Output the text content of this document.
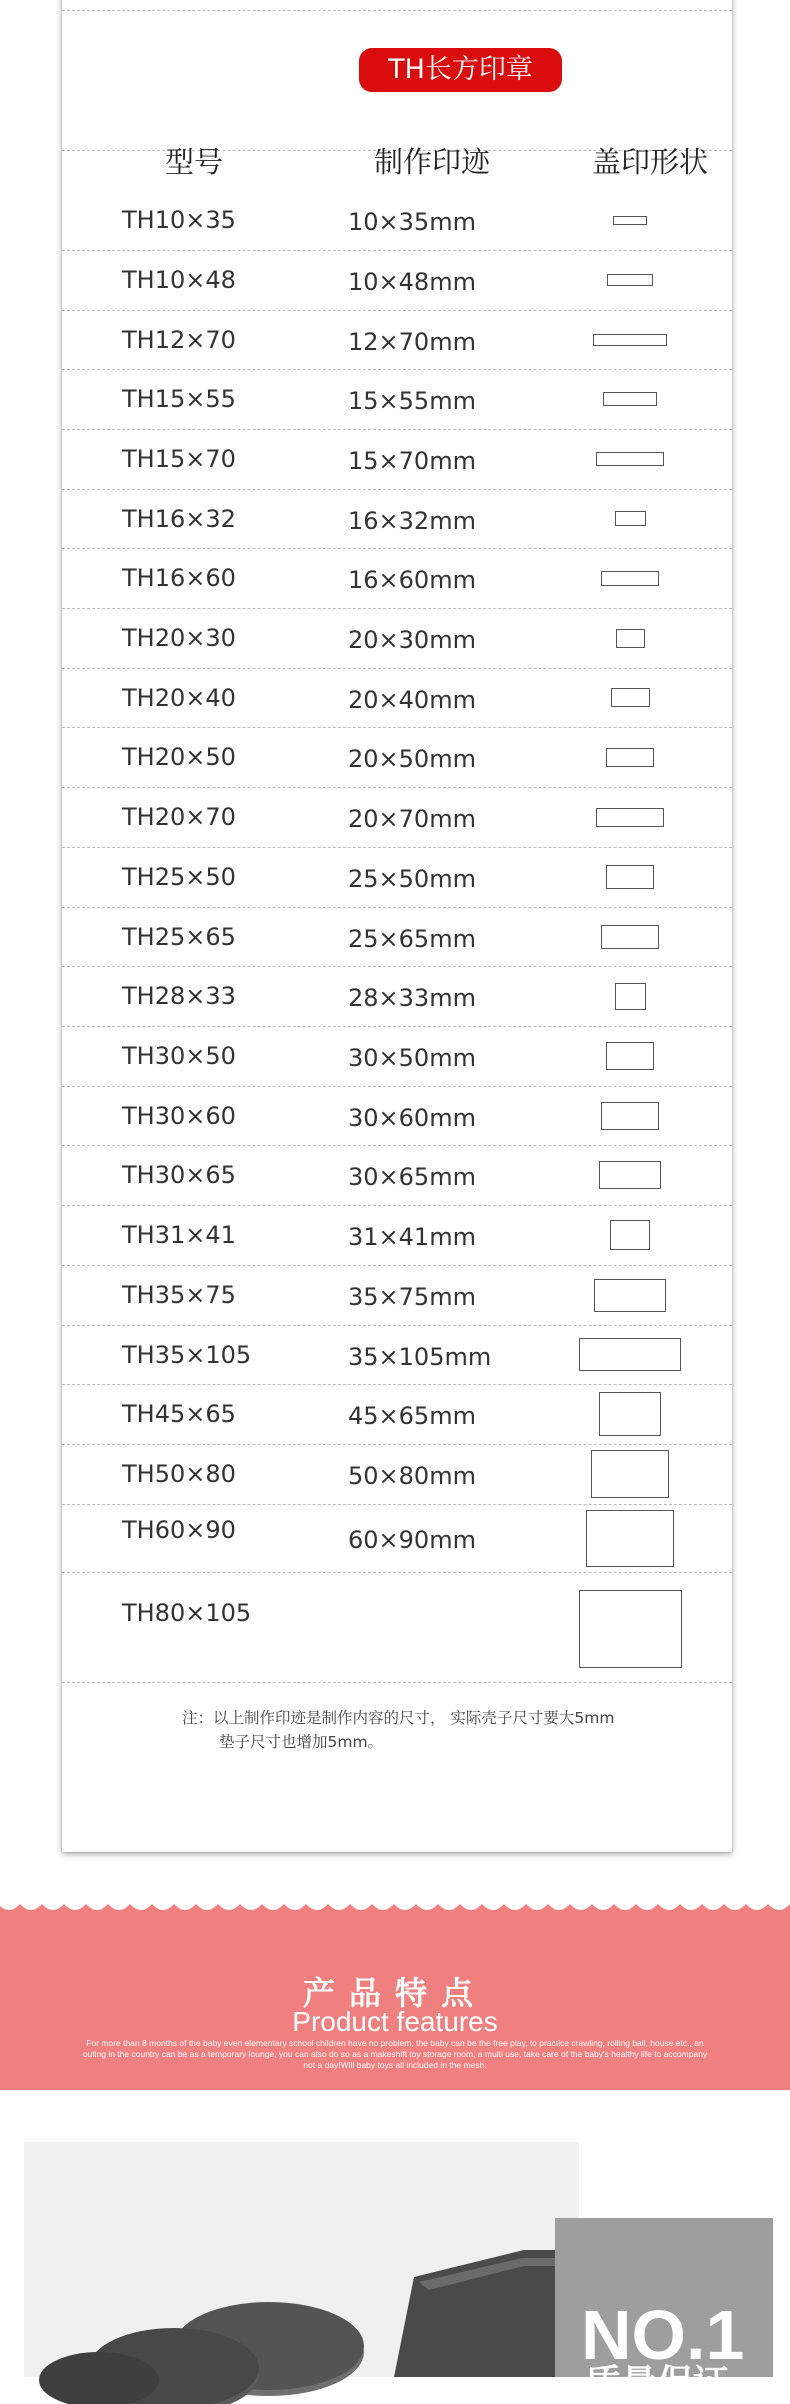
TH长方印章
型号	制作印迹	盖印形状
TH10×35	10×35mm
TH10×48	10×48mm
TH12×70	12×70mm
TH15×55	15×55mm
TH15×70	15×70mm
TH16×32	16×32mm
TH16×60	16×60mm
TH20×30	20×30mm
TH20×40	20×40mm
TH20×50	20×50mm
TH20×70	20×70mm
TH25×50	25×50mm
TH25×65	25×65mm
TH28×33	28×33mm
TH30×50	30×50mm
TH30×60	30×60mm
TH30×65	30×65mm
TH31×41	31×41mm
TH35×75	35×75mm
TH35×105	35×105mm
TH45×65	45×65mm
TH50×80	50×80mm
TH60×90	60×90mm
TH80×105
注：以上制作印迹是制作内容的尺寸， 实际壳子尺寸要大5mm
垫子尺寸也增加5mm。
产品特点
Product features
For more than 8 months of the baby even elementary school children have no problem, the baby can be the free play, to practice crawling, rolling ball, house etc., an outing in the country can be as a temporary lounge, you can also do so as a makeshift toy storage room, a multi use, take care of the baby's healthy life to accompany not a day!Will baby toys all included in the mesh.
NO.1
质量保证
